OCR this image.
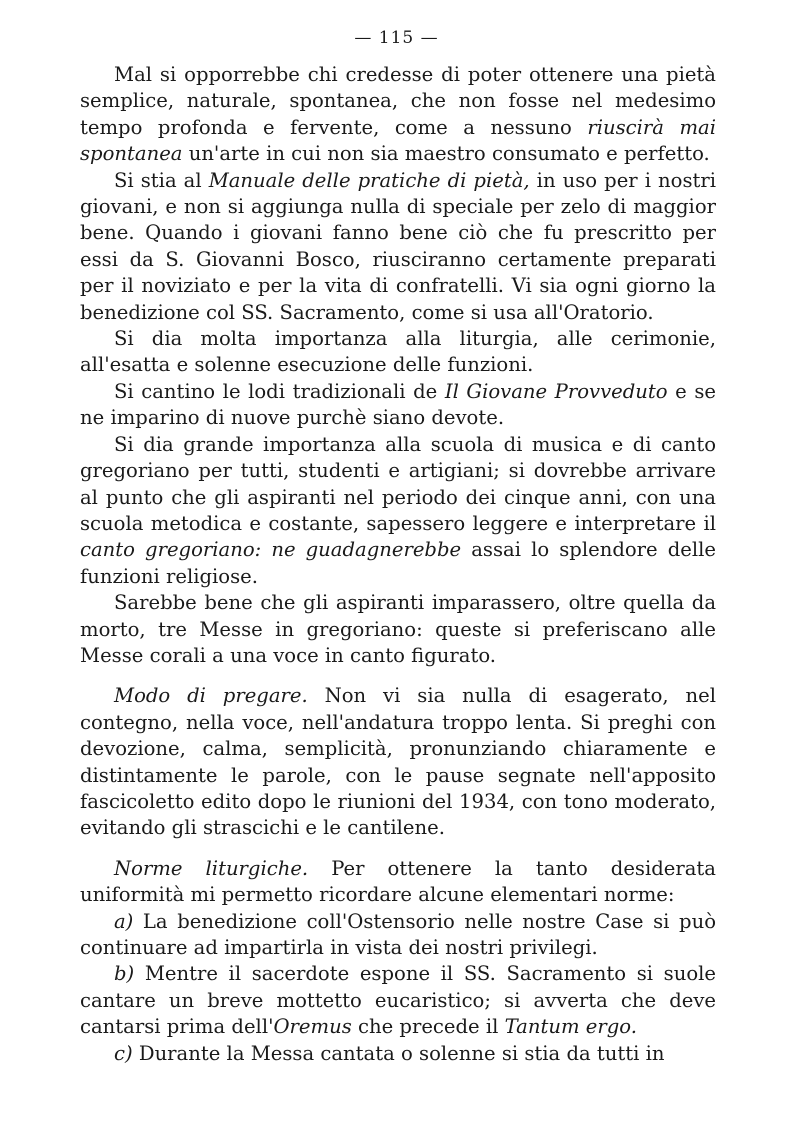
— 115 —

Mal si opporrebbe chi credesse di poter ottenere una pietà semplice, naturale, spontanea, che non fosse nel medesimo tempo profonda e fervente, come a nessuno riuscirà mai spontanea un'arte in cui non sia maestro consumato e perfetto.

Si stia al Manuale delle pratiche di pietà, in uso per i nostri giovani, e non si aggiunga nulla di speciale per zelo di maggior bene. Quando i giovani fanno bene ciò che fu prescritto per essi da S. Giovanni Bosco, riusciranno certamente preparati per il noviziato e per la vita di confratelli. Vi sia ogni giorno la benedizione col SS. Sacramento, come si usa all'Oratorio.

Si dia molta importanza alla liturgia, alle cerimonie, all'esatta e solenne esecuzione delle funzioni.

Si cantino le lodi tradizionali de Il Giovane Provveduto e se ne imparino di nuove purchè siano devote.

Si dia grande importanza alla scuola di musica e di canto gregoriano per tutti, studenti e artigiani; si dovrebbe arrivare al punto che gli aspiranti nel periodo dei cinque anni, con una scuola metodica e costante, sapessero leggere e interpretare il canto gregoriano: ne guadagnerebbe assai lo splendore delle funzioni religiose.

Sarebbe bene che gli aspiranti imparassero, oltre quella da morto, tre Messe in gregoriano: queste si preferiscano alle Messe corali a una voce in canto figurato.

Modo di pregare. Non vi sia nulla di esagerato, nel contegno, nella voce, nell'andatura troppo lenta. Si preghi con devozione, calma, semplicità, pronunziando chiaramente e distintamente le parole, con le pause segnate nell'apposito fascicoletto edito dopo le riunioni del 1934, con tono moderato, evitando gli strascichi e le cantilene.

Norme liturgiche. Per ottenere la tanto desiderata uniformità mi permetto ricordare alcune elementari norme:

a) La benedizione coll'Ostensorio nelle nostre Case si può continuare ad impartirla in vista dei nostri privilegi.

b) Mentre il sacerdote espone il SS. Sacramento si suole cantare un breve mottetto eucaristico; si avverta che deve cantarsi prima dell'Oremus che precede il Tantum ergo.

c) Durante la Messa cantata o solenne si stia da tutti in
